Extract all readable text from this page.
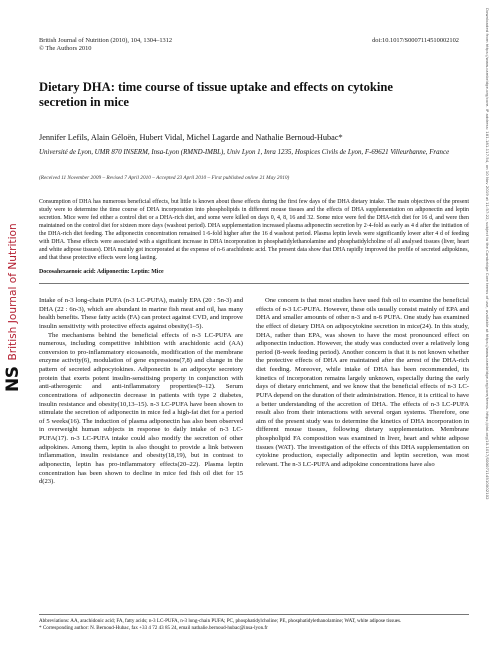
British Journal of Nutrition (2010), 104, 1304–1312
© The Authors 2010
doi:10.1017/S0007114510002102
Dietary DHA: time course of tissue uptake and effects on cytokine secretion in mice
Jennifer Lefils, Alain Géloën, Hubert Vidal, Michel Lagarde and Nathalie Bernoud-Hubac*
Université de Lyon, UMR 870 INSERM, Insa-Lyon (RMND-IMBL), Univ Lyon 1, Inra 1235, Hospices Civils de Lyon, F-69621 Villeurbanne, France
(Received 11 November 2009 – Revised 7 April 2010 – Accepted 23 April 2010 – First published online 21 May 2010)

Consumption of DHA has numerous beneficial effects, but little is known about these effects during the first few days of the DHA dietary intake. The main objectives of the present study were to determine the time course of DHA incorporation into phospholipids in different mouse tissues and the effects of DHA supplementation on adiponectin and leptin secretion. Mice were fed either a control diet or a DHA-rich diet, and some were killed on days 0, 4, 8, 16 and 32. Some mice were fed the DHA-rich diet for 16 d, and were then maintained on the control diet for sixteen more days (washout period). DHA supplementation increased plasma adiponectin secretion by 2·4-fold as early as 4 d after the initiation of the DHA-rich diet feeding. The adiponectin concentration remained 1·6-fold higher after the 16 d washout period. Plasma leptin levels were significantly lower after 4 d of feeding with DHA. These effects were associated with a significant increase in DHA incorporation in phosphatidylethanolamine and phosphatidylcholine of all analysed tissues (liver, heart and white adipose tissues). DHA mainly got incorporated at the expense of n-6 arachidonic acid. The present data show that DHA rapidly improved the profile of secreted adipokines, and that these protective effects were long lasting.

Docosahexaenoic acid: Adiponectin: Leptin: Mice

Intake of n-3 long-chain PUFA (n-3 LC-PUFA), mainly EPA (20 : 5n-3) and DHA (22 : 6n-3), which are abundant in marine fish meat and oil, has many health benefits. These fatty acids (FA) can protect against CVD, and improve insulin sensitivity with protective effects against obesity(1–5).

The mechanisms behind the beneficial effects of n-3 LC-PUFA are numerous, including competitive inhibition with arachidonic acid (AA) conversion to pro-inflammatory eicosanoids, modification of the membrane enzyme activity(6), modulation of gene expressions(7,8) and change in the pattern of secreted adipocytokines. Adiponectin is an adipocyte secretory protein that exerts potent insulin-sensitising property in conjunction with anti-atherogenic and anti-inflammatory properties(9–12). Serum concentrations of adiponectin decrease in patients with type 2 diabetes, insulin resistance and obesity(10,13–15). n-3 LC-PUFA have been shown to stimulate the secretion of adiponectin in mice fed a high-fat diet for a period of 5 weeks(16). The induction of plasma adiponectin has also been observed in overweight human subjects in response to daily intake of n-3 LC-PUFA(17). n-3 LC-PUFA intake could also modify the secretion of other adipokines. Among them, leptin is also thought to provide a link between inflammation, insulin resistance and obesity(18,19), but in contrast to adiponectin, leptin has pro-inflammatory effects(20–22). Plasma leptin concentration has been shown to decline in mice fed fish oil diet for 15 d(23).

One concern is that most studies have used fish oil to examine the beneficial effects of n-3 LC-PUFA. However, these oils usually consist mainly of EPA and DHA and smaller amounts of other n-3 and n-6 PUFA. One study has examined the effect of dietary DHA on adipocytokine secretion in mice(24). In this study, DHA, rather than EPA, was shown to have the most pronounced effect on adiponectin induction. However, the study was conducted over a relatively long period (8-week feeding period). Another concern is that it is not known whether the protective effects of DHA are maintained after the arrest of the DHA-rich diet feeding. Moreover, while intake of DHA has been recommended, its kinetics of incorporation remains largely unknown, especially during the early days of dietary enrichment, and we know that the beneficial effects of n-3 LC-PUFA depend on the duration of their administration. Hence, it is critical to have a better understanding of the accretion of DHA. The effects of n-3 LC-PUFA result also from their interactions with several organ systems. Therefore, one aim of the present study was to determine the kinetics of DHA incorporation in different mouse tissues, following dietary supplementation. Membrane phospholipid FA composition was examined in liver, heart and white adipose tissues (WAT). The investigation of the effects of this DHA supplementation on cytokine production, especially adiponectin and leptin secretion, was most relevant. The n-3 LC-PUFA and adipokine concentrations have also

Abbreviations: AA, arachidonic acid; FA, fatty acids; n-3 LC-PUFA, n-3 long-chain PUFA; PC, phosphatidylcholine; PE, phosphatidylethanolamine; WAT, white adipose tissues.

* Corresponding author: N. Bernoud-Hubac, fax +33 4 72 43 85 24, email nathalie.bernoud-hubac@insa-lyon.fr

NS
British Journal of Nutrition	Downloaded from https://www.cambridge.org/core. IP address: 181.181.117.54, on 10 Nov 2019 at 11:57:22, subject to the Cambridge Core terms of use, available at https://www.cambridge.org/core/terms. https://doi.org/10.1017/S0007114510002102
